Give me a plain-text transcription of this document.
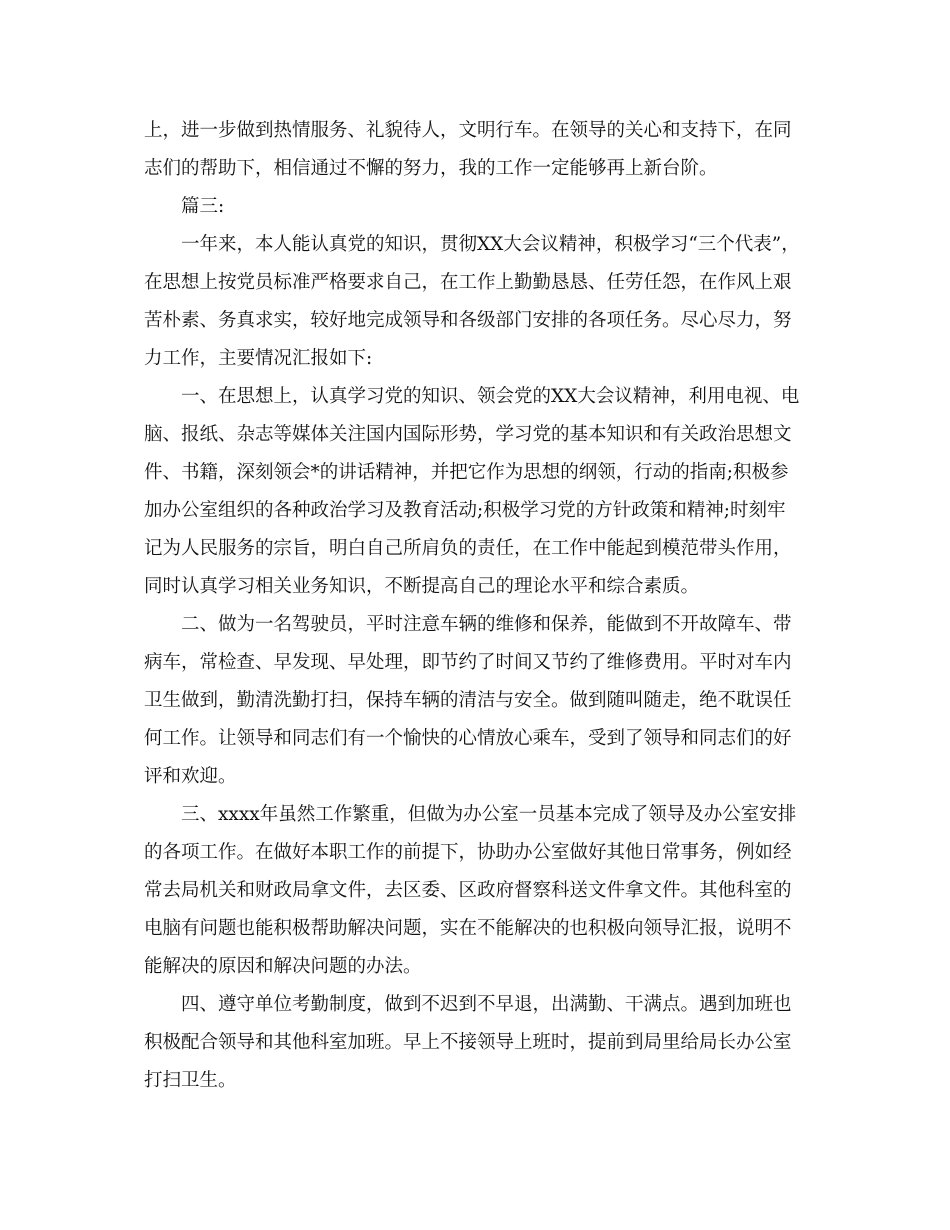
上，进一步做到热情服务、礼貌待人，文明行车。在领导的关心和支持下，在同

志们的帮助下，相信通过不懈的努力，我的工作一定能够再上新台阶。

篇三:

一年来，本人能认真党的知识，贯彻XX大会议精神，积极学习“三个代表”，

在思想上按党员标准严格要求自己，在工作上勤勤恳恳、任劳任怨，在作风上艰

苦朴素、务真求实，较好地完成领导和各级部门安排的各项任务。尽心尽力，努

力工作，主要情况汇报如下:

一、在思想上，认真学习党的知识、领会党的XX大会议精神，利用电视、电

脑、报纸、杂志等媒体关注国内国际形势，学习党的基本知识和有关政治思想文

件、书籍，深刻领会*的讲话精神，并把它作为思想的纲领，行动的指南;积极参

加办公室组织的各种政治学习及教育活动;积极学习党的方针政策和精神;时刻牢

记为人民服务的宗旨，明白自己所肩负的责任，在工作中能起到模范带头作用，

同时认真学习相关业务知识，不断提高自己的理论水平和综合素质。

二、做为一名驾驶员，平时注意车辆的维修和保养，能做到不开故障车、带

病车，常检查、早发现、早处理，即节约了时间又节约了维修费用。平时对车内

卫生做到，勤清洗勤打扫，保持车辆的清洁与安全。做到随叫随走，绝不耽误任

何工作。让领导和同志们有一个愉快的心情放心乘车，受到了领导和同志们的好

评和欢迎。

三、xxxx年虽然工作繁重，但做为办公室一员基本完成了领导及办公室安排

的各项工作。在做好本职工作的前提下，协助办公室做好其他日常事务，例如经

常去局机关和财政局拿文件，去区委、区政府督察科送文件拿文件。其他科室的

电脑有问题也能积极帮助解决问题，实在不能解决的也积极向领导汇报，说明不

能解决的原因和解决问题的办法。

四、遵守单位考勤制度，做到不迟到不早退，出满勤、干满点。遇到加班也

积极配合领导和其他科室加班。早上不接领导上班时，提前到局里给局长办公室

打扫卫生。
